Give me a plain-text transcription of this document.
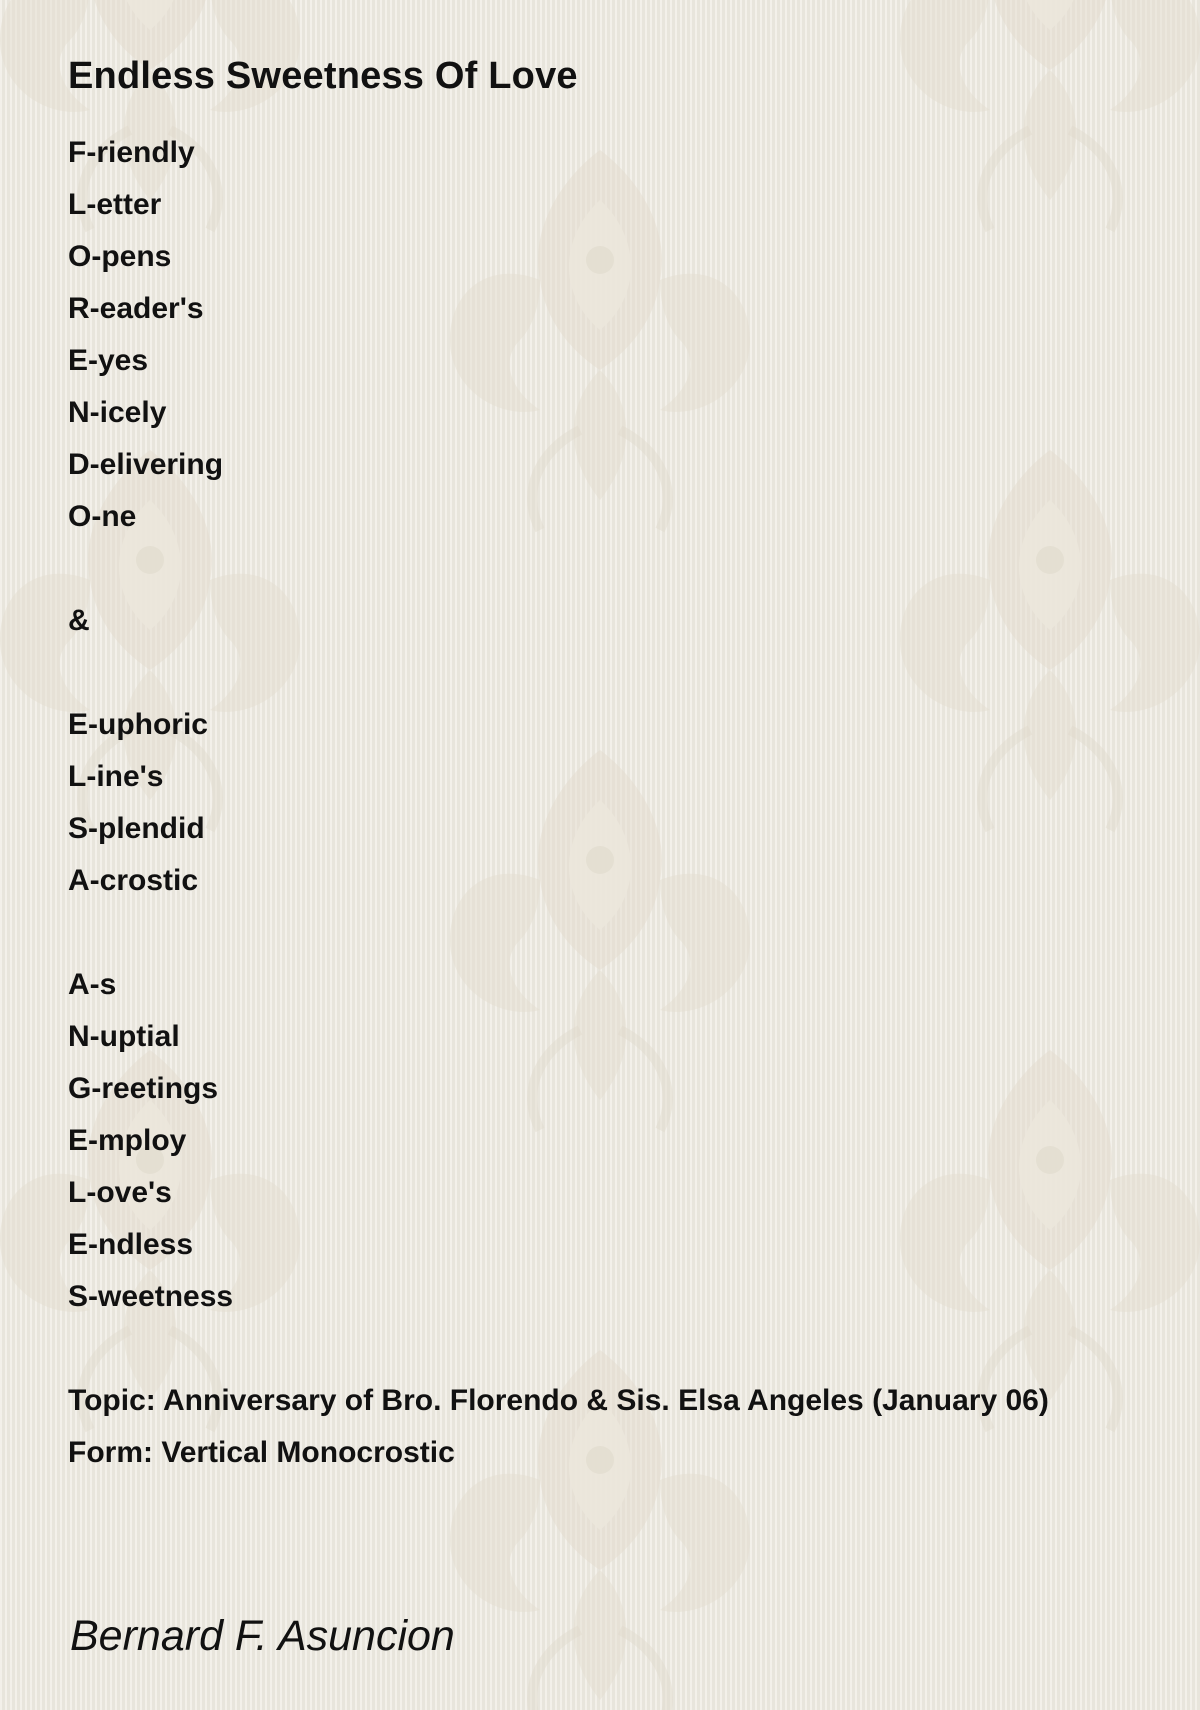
Endless Sweetness Of Love
F-riendly
L-etter
O-pens
R-eader's
E-yes
N-icely
D-elivering
O-ne
&
E-uphoric
L-ine's
S-plendid
A-crostic
A-s
N-uptial
G-reetings
E-mploy
L-ove's
E-ndless
S-weetness
Topic: Anniversary of Bro. Florendo & Sis. Elsa Angeles (January 06)
Form: Vertical Monocrostic
Bernard F. Asuncion
